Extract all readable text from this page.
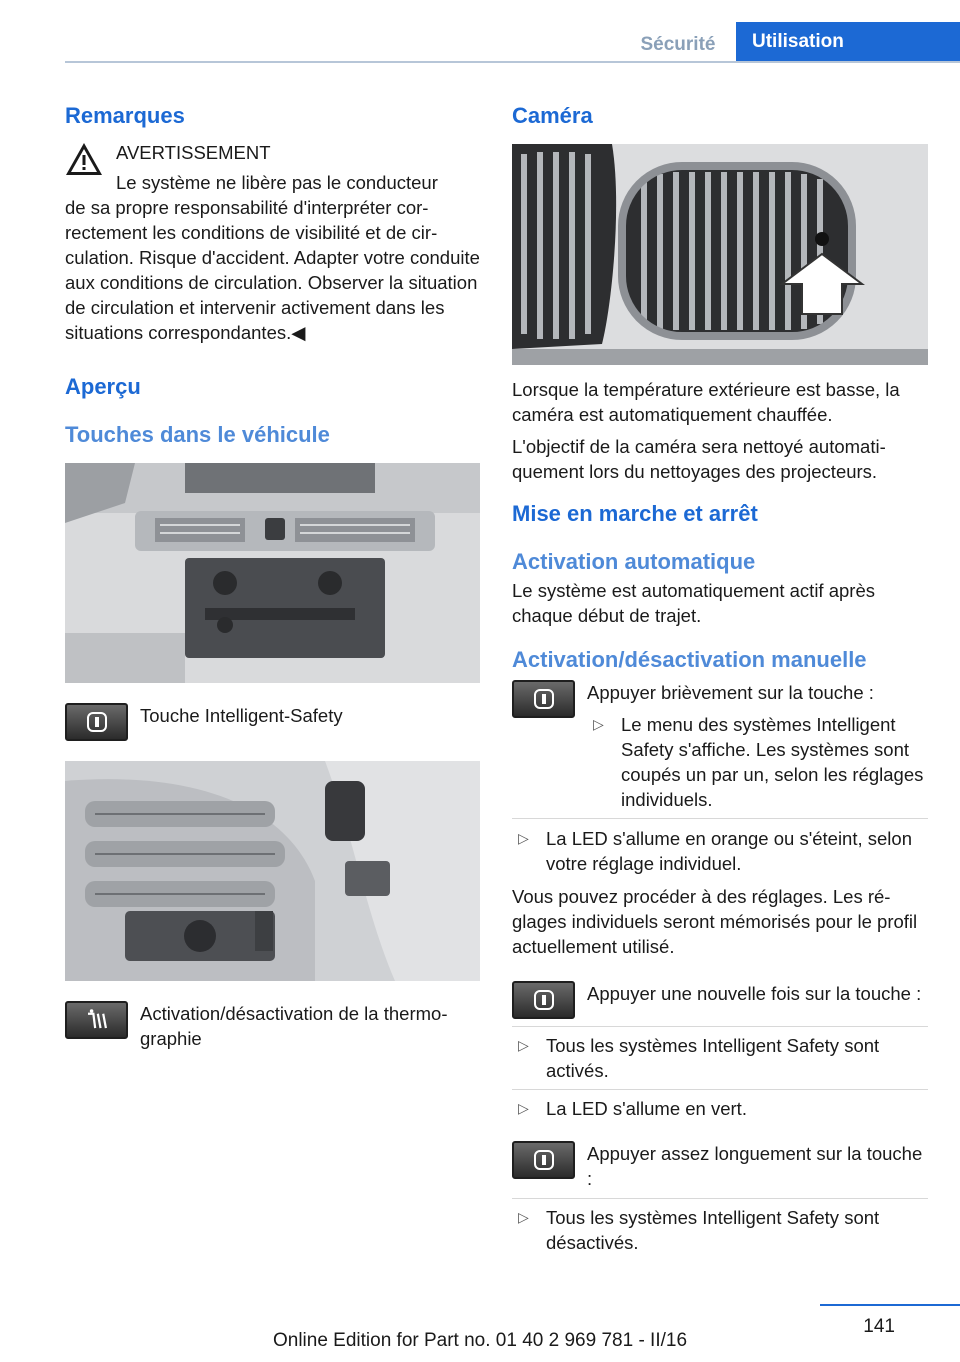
Sécurité	Utilisation
Remarques
AVERTISSEMENT

Le système ne libère pas le conducteur

de sa propre responsabilité d'interpréter correctement les conditions de visibilité et de circulation. Risque d'accident. Adapter votre conduite aux conditions de circulation. Observer la situation de circulation et intervenir activement dans les situations correspondantes.◀

Aperçu
Touches dans le véhicule

Touche Intelligent-Safety

Activation/désactivation de la thermographie

Caméra

Lorsque la température extérieure est basse, la caméra est automatiquement chauffée.

L'objectif de la caméra sera nettoyé automatiquement lors du nettoyages des projecteurs.

Mise en marche et arrêt
Activation automatique

Le système est automatiquement actif après chaque début de trajet.

Activation/désactivation manuelle

Appuyer brièvement sur la touche :

▷ Le menu des systèmes Intelligent Safety s'affiche. Les systèmes sont coupés un par un, selon les réglages individuels.
▷ La LED s'allume en orange ou s'éteint, selon votre réglage individuel.

Vous pouvez procéder à des réglages. Les réglages individuels seront mémorisés pour le profil actuellement utilisé.

Appuyer une nouvelle fois sur la touche :

▷ Tous les systèmes Intelligent Safety sont activés.
▷ La LED s'allume en vert.

Appuyer assez longuement sur la touche :

▷ Tous les systèmes Intelligent Safety sont désactivés.
141
Online Edition for Part no. 01 40 2 969 781 - II/16
